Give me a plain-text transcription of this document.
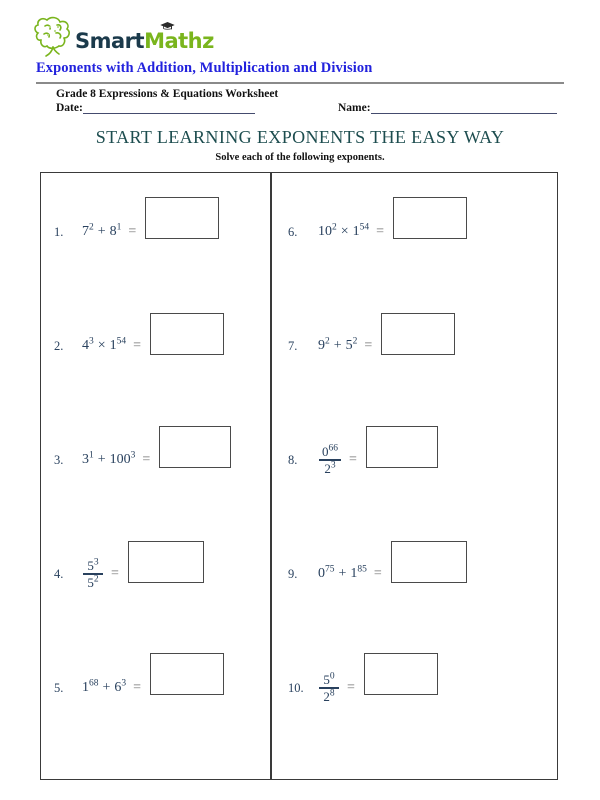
SmartMathz
Exponents with Addition, Multiplication and Division
Grade 8 Expressions & Equations Worksheet
Date:	Name:
START LEARNING EXPONENTS THE EASY WAY
Solve each of the following exponents.
1.	$7^2 + 8^1$ =
2.	$4^3 \times 1^{54}$ =
3.	$3^1 + 100^3$ =
4.	$\frac{5^3}{5^2}$ =
5.	$1^{68} + 6^3$ =
6.	$10^2 \times 1^{54}$ =
7.	$9^2 + 5^2$ =
8.	$\frac{0^{66}}{2^3}$ =
9.	$0^{75} + 1^{85}$ =
10.	$\frac{5^0}{2^8}$ =
